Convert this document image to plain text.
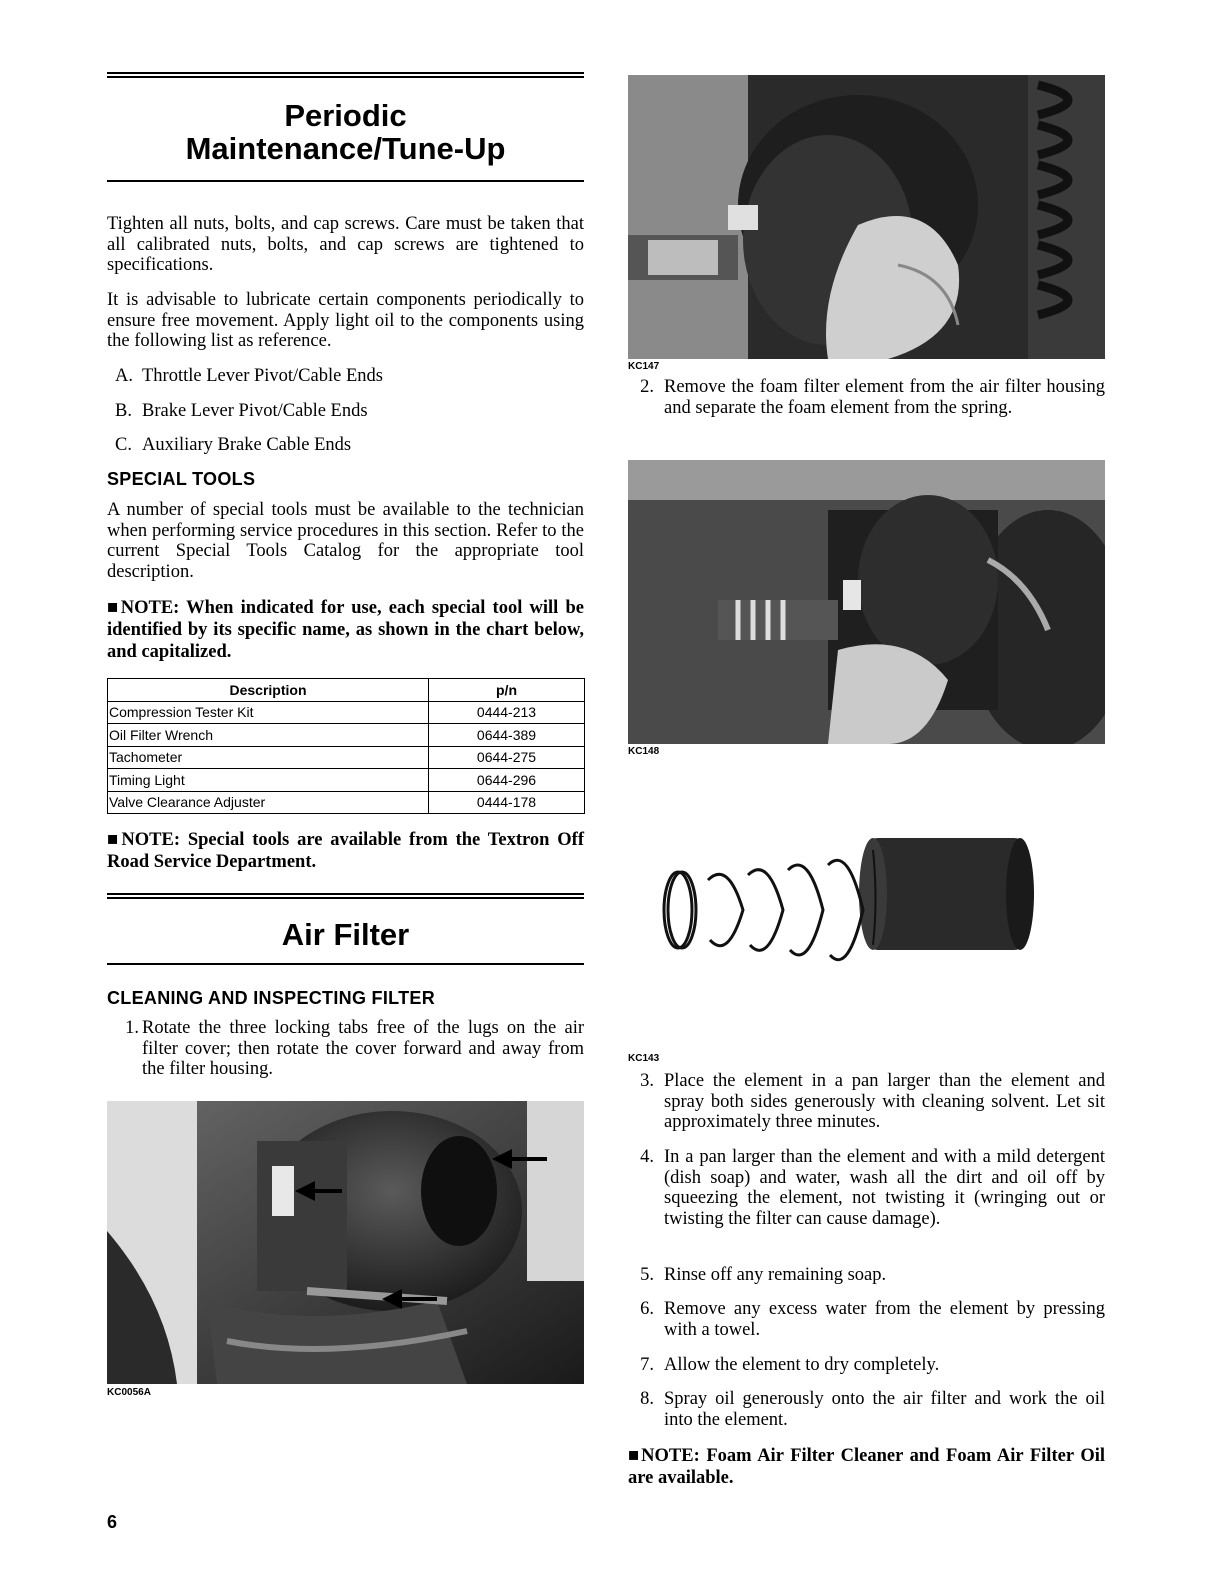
Periodic
Maintenance/Tune-Up
Tighten all nuts, bolts, and cap screws. Care must be taken that all calibrated nuts, bolts, and cap screws are tightened to specifications.
It is advisable to lubricate certain components periodically to ensure free movement. Apply light oil to the components using the following list as reference.
A. Throttle Lever Pivot/Cable Ends
B. Brake Lever Pivot/Cable Ends
C. Auxiliary Brake Cable Ends
SPECIAL TOOLS
A number of special tools must be available to the technician when performing service procedures in this section. Refer to the current Special Tools Catalog for the appropriate tool description.
■NOTE: When indicated for use, each special tool will be identified by its specific name, as shown in the chart below, and capitalized.
Description	p/n
Compression Tester Kit	0444-213
Oil Filter Wrench	0644-389
Tachometer	0644-275
Timing Light	0644-296
Valve Clearance Adjuster	0444-178
■NOTE: Special tools are available from the Textron Off Road Service Department.
Air Filter
CLEANING AND INSPECTING FILTER
1. Rotate the three locking tabs free of the lugs on the air filter cover; then rotate the cover forward and away from the filter housing.
KC0056A
KC147
2. Remove the foam filter element from the air filter housing and separate the foam element from the spring.
KC148
KC143
3. Place the element in a pan larger than the element and spray both sides generously with cleaning solvent. Let sit approximately three minutes.
4. In a pan larger than the element and with a mild detergent (dish soap) and water, wash all the dirt and oil off by squeezing the element, not twisting it (wringing out or twisting the filter can cause damage).
5. Rinse off any remaining soap.
6. Remove any excess water from the element by pressing with a towel.
7. Allow the element to dry completely.
8. Spray oil generously onto the air filter and work the oil into the element.
■NOTE: Foam Air Filter Cleaner and Foam Air Filter Oil are available.
6
